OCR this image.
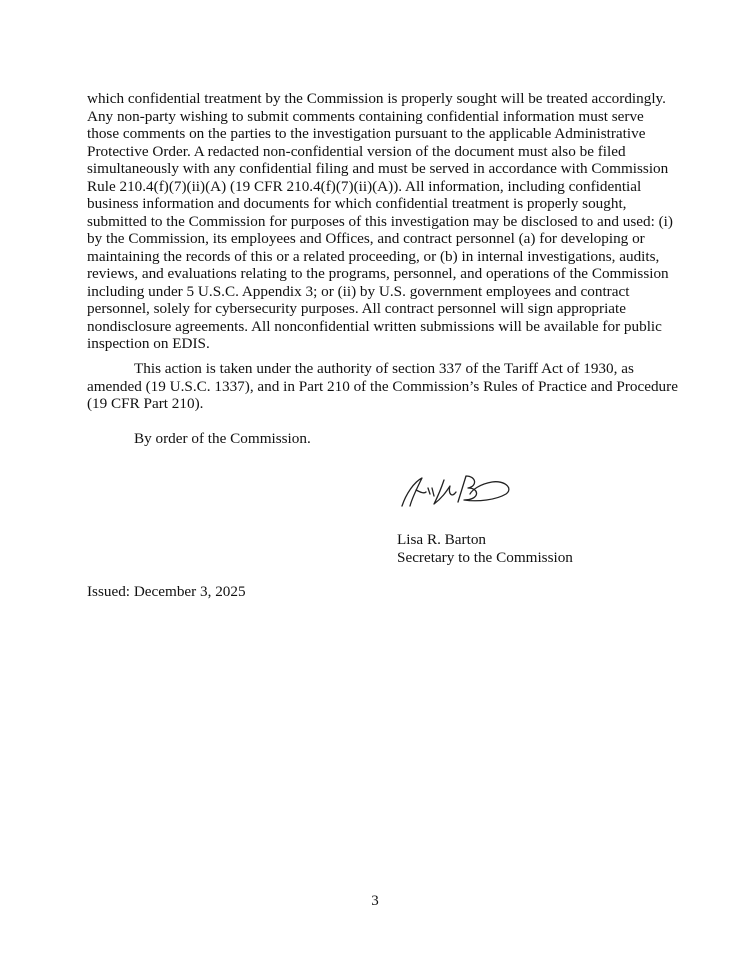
which confidential treatment by the Commission is properly sought will be treated accordingly.
Any non-party wishing to submit comments containing confidential information must serve
those comments on the parties to the investigation pursuant to the applicable Administrative
Protective Order. A redacted non-confidential version of the document must also be filed
simultaneously with any confidential filing and must be served in accordance with Commission
Rule 210.4(f)(7)(ii)(A) (19 CFR 210.4(f)(7)(ii)(A)). All information, including confidential
business information and documents for which confidential treatment is properly sought,
submitted to the Commission for purposes of this investigation may be disclosed to and used: (i)
by the Commission, its employees and Offices, and contract personnel (a) for developing or
maintaining the records of this or a related proceeding, or (b) in internal investigations, audits,
reviews, and evaluations relating to the programs, personnel, and operations of the Commission
including under 5 U.S.C. Appendix 3; or (ii) by U.S. government employees and contract
personnel, solely for cybersecurity purposes. All contract personnel will sign appropriate
nondisclosure agreements. All nonconfidential written submissions will be available for public
inspection on EDIS.
This action is taken under the authority of section 337 of the Tariff Act of 1930, as
amended (19 U.S.C. 1337), and in Part 210 of the Commission’s Rules of Practice and Procedure
(19 CFR Part 210).
By order of the Commission.
Lisa R. Barton
Secretary to the Commission
Issued: December 3, 2025
3
